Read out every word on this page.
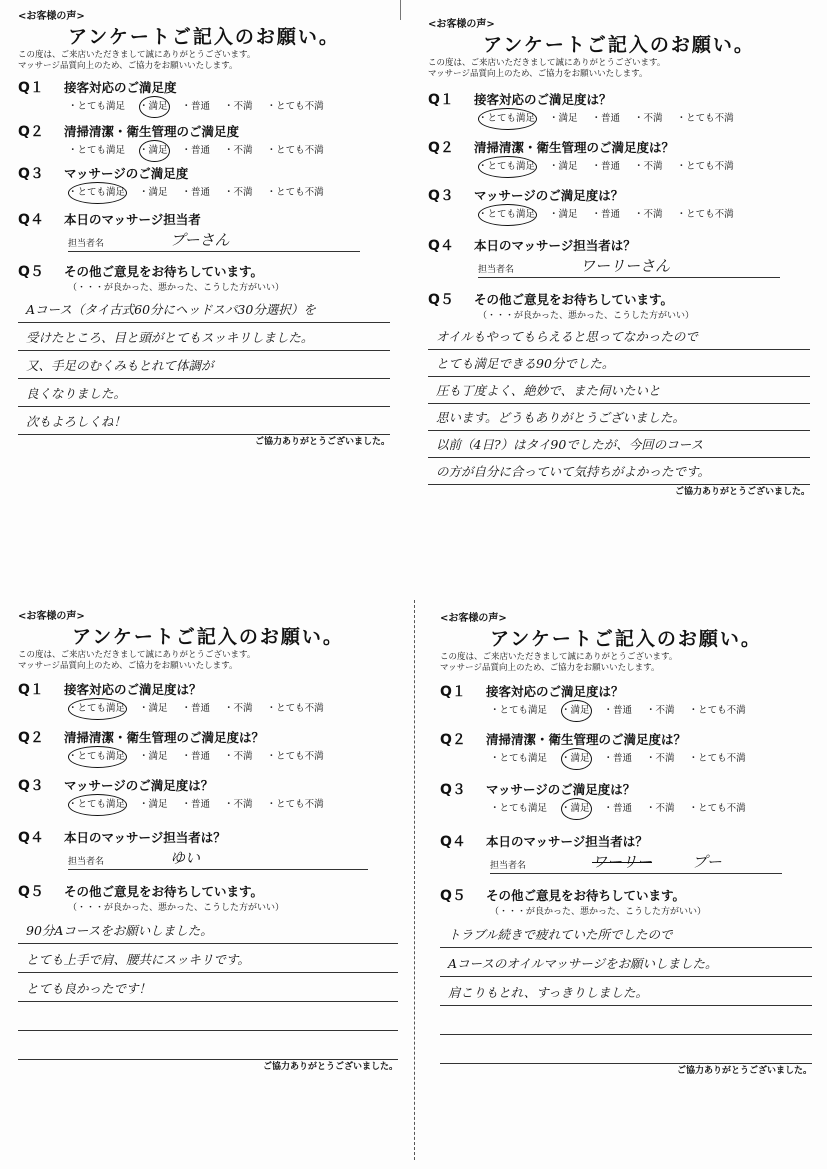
<お客様の声>
アンケートご記入のお願い。
この度は、ご来店いただきまして誠にありがとうございます。
マッサージ品質向上のため、ご協力をお願いいたします。
Q１	接客対応のご満足度
・とても満足 ・満足 ・普通 ・不満 ・とても不満
Q２	清掃清潔・衛生管理のご満足度
・とても満足 ・満足 ・普通 ・不満 ・とても不満
Q３	マッサージのご満足度
・とても満足 ・満足 ・普通 ・不満 ・とても不満
Q４	本日のマッサージ担当者
担当者名	プーさん
Q５	その他ご意見をお待ちしています。
（・・・が良かった、悪かった、こうした方がいい）
Aコース（タイ古式60分にヘッドスパ30分選択）を
受けたところ、目と頭がとてもスッキリしました。
又、手足のむくみもとれて体調が
良くなりました。
次もよろしくね！
ご協力ありがとうございました。
<お客様の声>
アンケートご記入のお願い。
この度は、ご来店いただきまして誠にありがとうございます。
マッサージ品質向上のため、ご協力をお願いいたします。
Q１	接客対応のご満足度は？
・とても満足 ・満足 ・普通 ・不満 ・とても不満
Q２	清掃清潔・衛生管理のご満足度は？
・とても満足 ・満足 ・普通 ・不満 ・とても不満
Q３	マッサージのご満足度は？
・とても満足 ・満足 ・普通 ・不満 ・とても不満
Q４	本日のマッサージ担当者は？
担当者名	ワーリーさん
Q５	その他ご意見をお待ちしています。
（・・・が良かった、悪かった、こうした方がいい）
オイルもやってもらえると思ってなかったので
とても満足できる90分でした。
圧も丁度よく、絶妙で、また伺いたいと
思います。どうもありがとうございました。
以前（4日?）はタイ90でしたが、今回のコース
の方が自分に合っていて気持ちがよかったです。
ご協力ありがとうございました。
<お客様の声>
アンケートご記入のお願い。
この度は、ご来店いただきまして誠にありがとうございます。
マッサージ品質向上のため、ご協力をお願いいたします。
Q１	接客対応のご満足度は？
・とても満足 ・満足 ・普通 ・不満 ・とても不満
Q２	清掃清潔・衛生管理のご満足度は？
・とても満足 ・満足 ・普通 ・不満 ・とても不満
Q３	マッサージのご満足度は？
・とても満足 ・満足 ・普通 ・不満 ・とても不満
Q４	本日のマッサージ担当者は？
担当者名	ゆい
Q５	その他ご意見をお待ちしています。
（・・・が良かった、悪かった、こうした方がいい）
90分Aコースをお願いしました。
とても上手で肩、腰共にスッキリです。
とても良かったです！
ご協力ありがとうございました。
<お客様の声>
アンケートご記入のお願い。
この度は、ご来店いただきまして誠にありがとうございます。
マッサージ品質向上のため、ご協力をお願いいたします。
Q１	接客対応のご満足度は？
・とても満足 ・満足 ・普通 ・不満 ・とても不満
Q２	清掃清潔・衛生管理のご満足度は？
・とても満足 ・満足 ・普通 ・不満 ・とても不満
Q３	マッサージのご満足度は？
・とても満足 ・満足 ・普通 ・不満 ・とても不満
Q４	本日のマッサージ担当者は？
担当者名	ワーリー	プー
Q５	その他ご意見をお待ちしています。
（・・・が良かった、悪かった、こうした方がいい）
トラブル続きで疲れていた所でしたので
Aコースのオイルマッサージをお願いしました。
肩こりもとれ、すっきりしました。
ご協力ありがとうございました。
